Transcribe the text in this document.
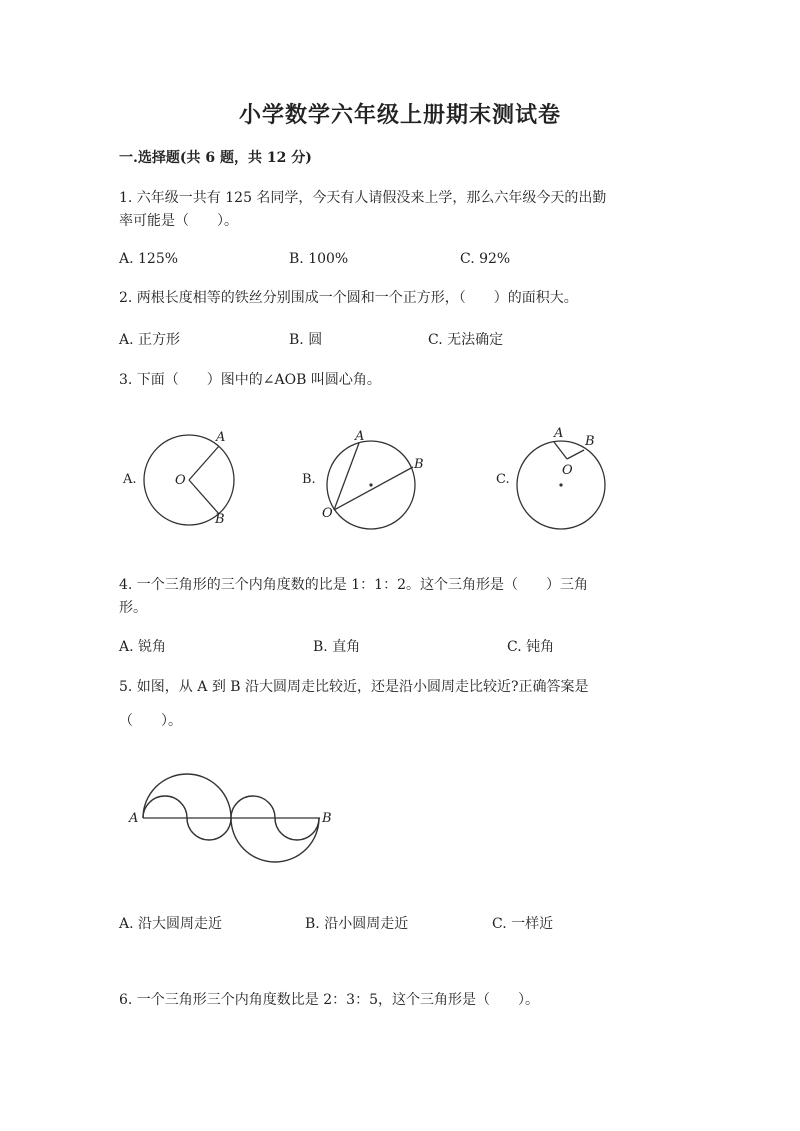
小学数学六年级上册期末测试卷
一.选择题(共 6 题，共 12 分)
1. 六年级一共有 125 名同学，今天有人请假没来上学，那么六年级今天的出勤
率可能是（　　）。
A. 125%	B. 100%	C. 92%
2. 两根长度相等的铁丝分别围成一个圆和一个正方形，（　　）的面积大。
A. 正方形	B. 圆	C. 无法确定
3. 下面（　　）图中的∠AOB 叫圆心角。
A.	B.	C.
A
B
O
A
B
O
A
B
O
A	B
4. 一个三角形的三个内角度数的比是 1：1：2。这个三角形是（　　）三角
形。
A. 锐角	B. 直角	C. 钝角
5. 如图，从 A 到 B 沿大圆周走比较近，还是沿小圆周走比较近?正确答案是
（　　）。
A. 沿大圆周走近	B. 沿小圆周走近	C. 一样近
6. 一个三角形三个内角度数比是 2：3：5，这个三角形是（　　）。
